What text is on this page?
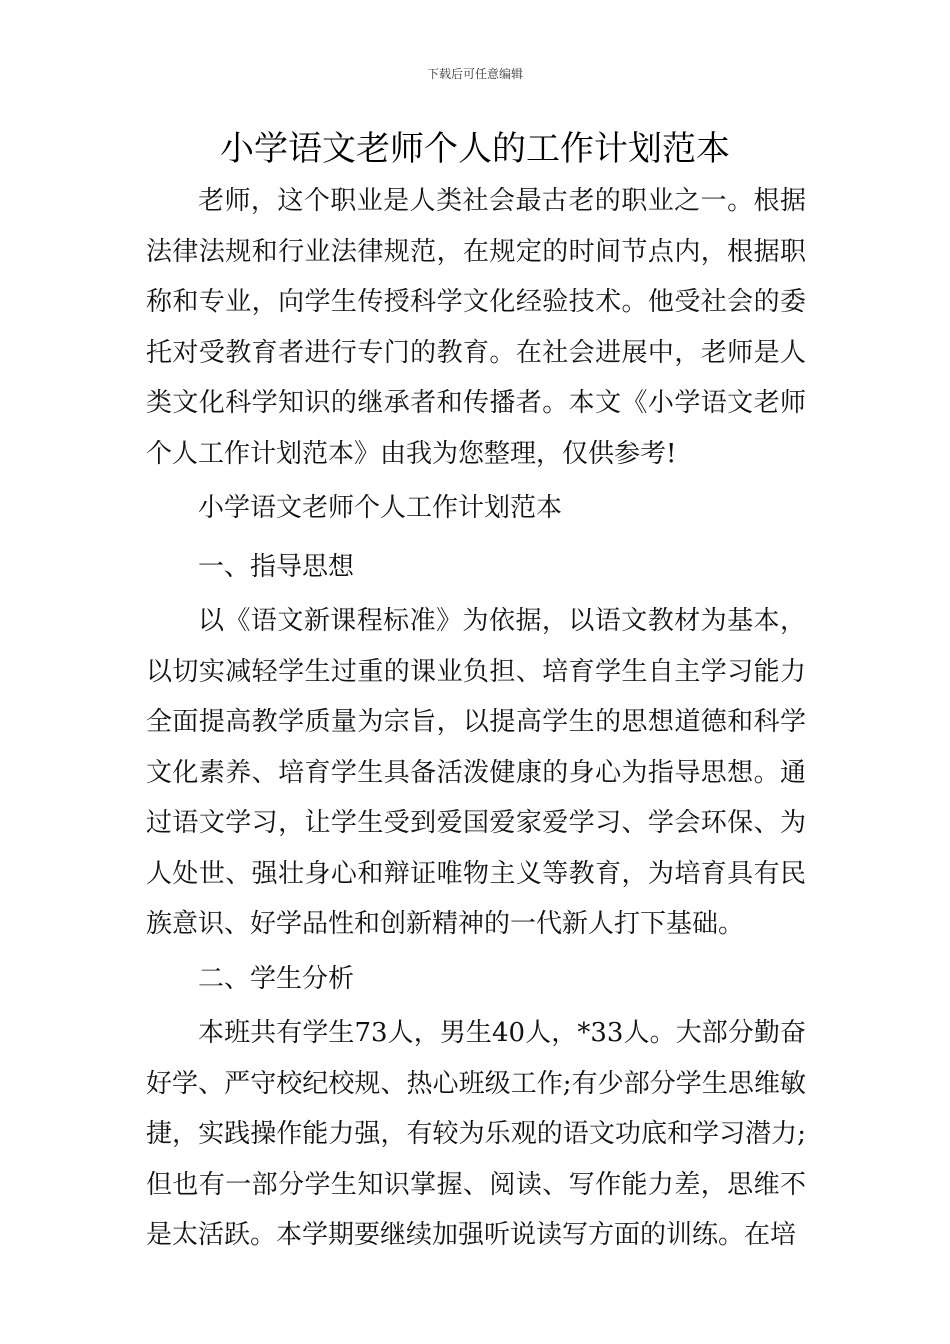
下载后可任意编辑
小学语文老师个人的工作计划范本

老师，这个职业是人类社会最古老的职业之一。根据法律法规和行业法律规范，在规定的时间节点内，根据职称和专业，向学生传授科学文化经验技术。他受社会的委托对受教育者进行专门的教育。在社会进展中，老师是人类文化科学知识的继承者和传播者。本文《小学语文老师个人工作计划范本》由我为您整理，仅供参考!

小学语文老师个人工作计划范本

一、指导思想

以《语文新课程标准》为依据，以语文教材为基本，以切实减轻学生过重的课业负担、培育学生自主学习能力全面提高教学质量为宗旨，以提高学生的思想道德和科学文化素养、培育学生具备活泼健康的身心为指导思想。通过语文学习，让学生受到爱国爱家爱学习、学会环保、为人处世、强壮身心和辩证唯物主义等教育，为培育具有民族意识、好学品性和创新精神的一代新人打下基础。

二、学生分析

本班共有学生73人，男生40人，*33人。大部分勤奋好学、严守校纪校规、热心班级工作;有少部分学生思维敏捷，实践操作能力强，有较为乐观的语文功底和学习潜力;但也有一部分学生知识掌握、阅读、写作能力差，思维不是太活跃。本学期要继续加强听说读写方面的训练。在培
